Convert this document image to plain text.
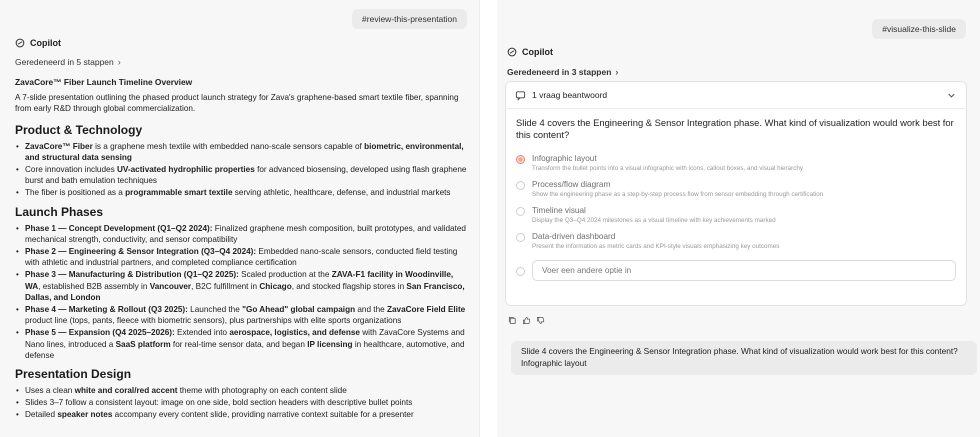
#review-this-presentation
Copilot
Geredeneerd in 5 stappen ›
ZavaCore™ Fiber Launch Timeline Overview
A 7-slide presentation outlining the phased product launch strategy for Zava's graphene-based smart textile fiber, spanning from early R&D through global commercialization.
Product & Technology
• ZavaCore™ Fiber is a graphene mesh textile with embedded nano-scale sensors capable of biometric, environmental, and structural data sensing
• Core innovation includes UV-activated hydrophilic properties for advanced biosensing, developed using flash graphene burst and bath emulation techniques
• The fiber is positioned as a programmable smart textile serving athletic, healthcare, defense, and industrial markets
Launch Phases
• Phase 1 — Concept Development (Q1–Q2 2024): Finalized graphene mesh composition, built prototypes, and validated mechanical strength, conductivity, and sensor compatibility
• Phase 2 — Engineering & Sensor Integration (Q3–Q4 2024): Embedded nano-scale sensors, conducted field testing with athletic and industrial partners, and completed compliance certification
• Phase 3 — Manufacturing & Distribution (Q1–Q2 2025): Scaled production at the ZAVA-F1 facility in Woodinville, WA, established B2B assembly in Vancouver, B2C fulfillment in Chicago, and stocked flagship stores in San Francisco, Dallas, and London
• Phase 4 — Marketing & Rollout (Q3 2025): Launched the "Go Ahead" global campaign and the ZavaCore Field Elite product line (tops, pants, fleece with biometric sensors), plus partnerships with elite sports organizations
• Phase 5 — Expansion (Q4 2025–2026): Extended into aerospace, logistics, and defense with ZavaCore Systems and Nano lines, introduced a SaaS platform for real-time sensor data, and began IP licensing in healthcare, automotive, and defense
Presentation Design
• Uses a clean white and coral/red accent theme with photography on each content slide
• Slides 3–7 follow a consistent layout: image on one side, bold section headers with descriptive bullet points
• Detailed speaker notes accompany every content slide, providing narrative context suitable for a presenter
#visualize-this-slide
Copilot
Geredeneerd in 3 stappen ›
1 vraag beantwoord
Slide 4 covers the Engineering & Sensor Integration phase. What kind of visualization would work best for this content?
Infographic layout
Transform the bullet points into a visual infographic with icons, callout boxes, and visual hierarchy
Process/flow diagram
Show the engineering phase as a step-by-step process flow from sensor embedding through certification
Timeline visual
Display the Q3–Q4 2024 milestones as a visual timeline with key achievements marked
Data-driven dashboard
Present the information as metric cards and KPI-style visuals emphasizing key outcomes
Voer een andere optie in
Slide 4 covers the Engineering & Sensor Integration phase. What kind of visualization would work best for this content?
Infographic layout
